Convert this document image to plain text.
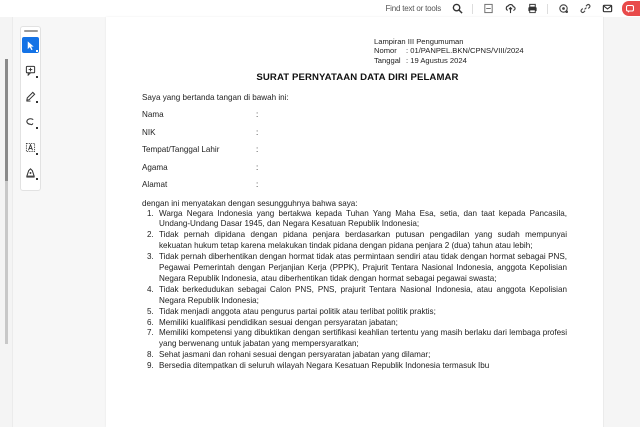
Find text or tools
Lampiran III Pengumuman
Nomor	: 01/PANPEL.BKN/CPNS/VIII/2024
Tanggal : 19 Agustus 2024
SURAT PERNYATAAN DATA DIRI PELAMAR
Saya yang bertanda tangan di bawah ini:
Nama	:
NIK	:
Tempat/Tanggal Lahir	:
Agama	:
Alamat	:
dengan ini menyatakan dengan sesungguhnya bahwa saya:
1. Warga Negara Indonesia yang bertakwa kepada Tuhan Yang Maha Esa, setia, dan taat kepada Pancasila, Undang-Undang Dasar 1945, dan Negara Kesatuan Republik Indonesia;
2. Tidak pernah dipidana dengan pidana penjara berdasarkan putusan pengadilan yang sudah mempunyai kekuatan hukum tetap karena melakukan tindak pidana dengan pidana penjara 2 (dua) tahun atau lebih;
3. Tidak pernah diberhentikan dengan hormat tidak atas permintaan sendiri atau tidak dengan hormat sebagai PNS, Pegawai Pemerintah dengan Perjanjian Kerja (PPPK), Prajurit Tentara Nasional Indonesia, anggota Kepolisian Negara Republik Indonesia, atau diberhentikan tidak dengan hormat sebagai pegawai swasta;
4. Tidak berkedudukan sebagai Calon PNS, PNS, prajurit Tentara Nasional Indonesia, atau anggota Kepolisian Negara Republik Indonesia;
5. Tidak menjadi anggota atau pengurus partai politik atau terlibat politik praktis;
6. Memiliki kualifikasi pendidikan sesuai dengan persyaratan jabatan;
7. Memiliki kompetensi yang dibuktikan dengan sertifikasi keahlian tertentu yang masih berlaku dari lembaga profesi yang berwenang untuk jabatan yang mempersyaratkan;
8. Sehat jasmani dan rohani sesuai dengan persyaratan jabatan yang dilamar;
9. Bersedia ditempatkan di seluruh wilayah Negara Kesatuan Republik Indonesia termasuk Ibu
